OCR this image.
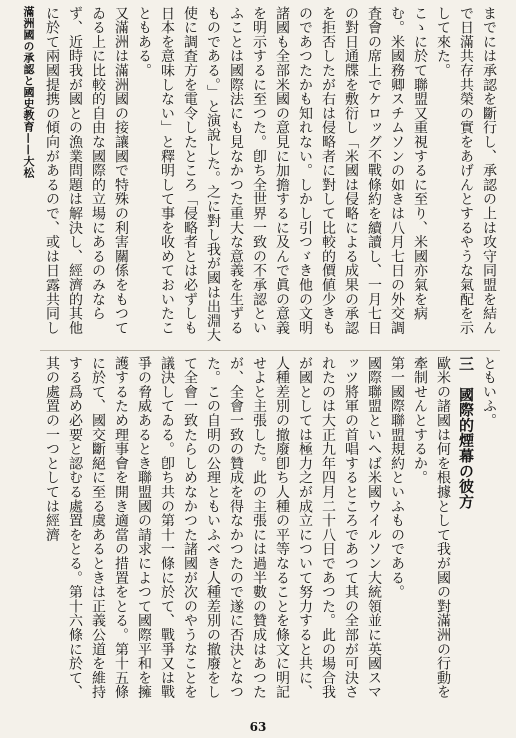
滿洲國の承認と國史教育——大松	までには承認を斷行し、承認の上は攻守同盟を結んで日滿共存共榮の實をあげんとするやうな氣配を示して來た。

こゝに於て聯盟又重視するに至り、米國亦氣を病む。米國務卿スチムソンの如きは八月七日の外交調査會の席上でケロッグ不戰條約を續讀し、一月七日の對日通牒を敷衍し「米國は侵略による成果の承認を拒否したが右は侵略者に對して比較的價値少きものであつたかも知れない。しかし引つゞき他の文明諸國も全部米國の意見に加擔するに及んで眞の意義を明示するに至つた。卽ち全世界一致の不承認といふことは國際法にも見なかつた重大な意義を生ずるものである。」と演說した。之に對し我が國は出淵大使に調査方を電令したところ「侵略者とは必ずしも日本を意味しない」と釋明して事を收めておいたこともある。

又滿洲は滿洲國の接讓國で特殊の利害關係をもつてゐる上に比較的自由な國際的立場にあるのみならず、近時我が國との漁業問題は解決し、經濟的其他に於て兩國提携の傾向があるので、或は日露共同し

ともいふ。

三　國際的煙幕の彼方

歐米の諸國は何を根據として我が國の對滿洲の行動を牽制せんとするか。

第一國際聯盟規約といふものである。

國際聯盟といへば米國ウイルソン大統領並に英國スマッツ將軍の首唱するところであつて其の全部が可決されたのは大正九年四月二十八日であつた。此の場合我が國としては極力之が成立について努力すると共に、人種差別の撤廢卽ち人種の平等なることを條文に明記せよと主張した。此の主張には過半數の贊成はあつたが、全會一致の贊成を得なかつたので遂に否決となつた。この自明の公理ともいふべき人種差別の撤廢をして全會一致たらしめなかつた諸國が次のやうなことを議決してゐる。卽ち共の第十一條に於て、戰爭又は戰爭の脅威あるとき聯盟國の請求によつて國際平和を擁護するため理事會を開き適當の措置をとる。第十五條に於て、國交斷絕に至る虞あるときは正義公道を維持する爲め必要と認むる處置をとる。第十六條に於て、其の處置の一つとしては經濟

63
